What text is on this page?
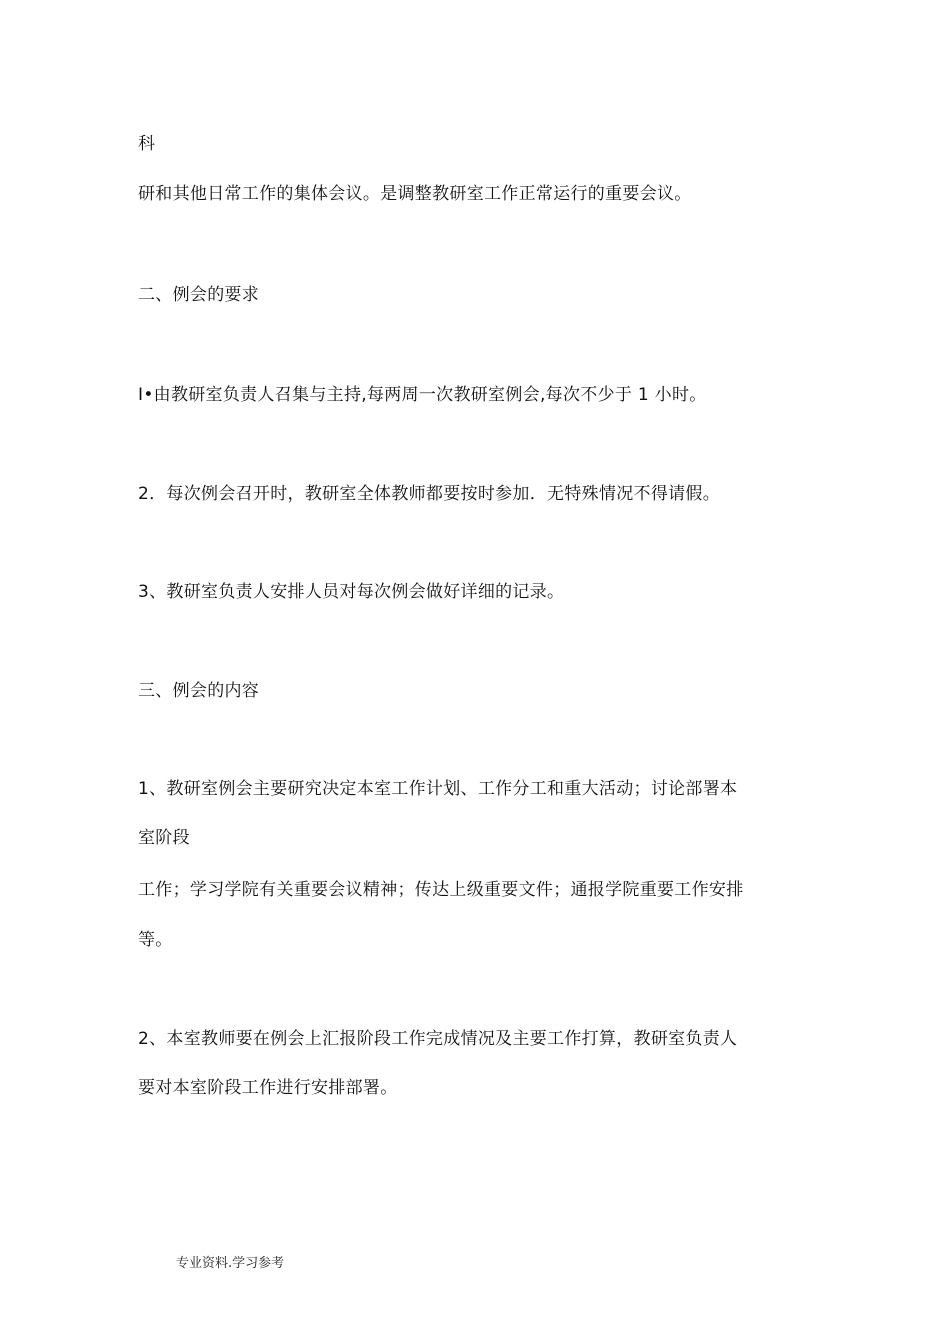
科
研和其他日常工作的集体会议。是调整教研室工作正常运行的重要会议。
二、例会的要求
I•由教研室负责人召集与主持,每两周一次教研室例会,每次不少于 1 小时。
2．每次例会召开时，教研室全体教师都要按时参加．无特殊情况不得请假。
3、教研室负责人安排人员对每次例会做好详细的记录。
三、例会的内容
1、教研室例会主要研究决定本室工作计划、工作分工和重大活动；讨论部署本
室阶段
工作；学习学院有关重要会议精神；传达上级重要文件；通报学院重要工作安排
等。
2、本室教师要在例会上汇报阶段工作完成情况及主要工作打算，教研室负责人
要对本室阶段工作进行安排部署。
专业资料.学习参考
